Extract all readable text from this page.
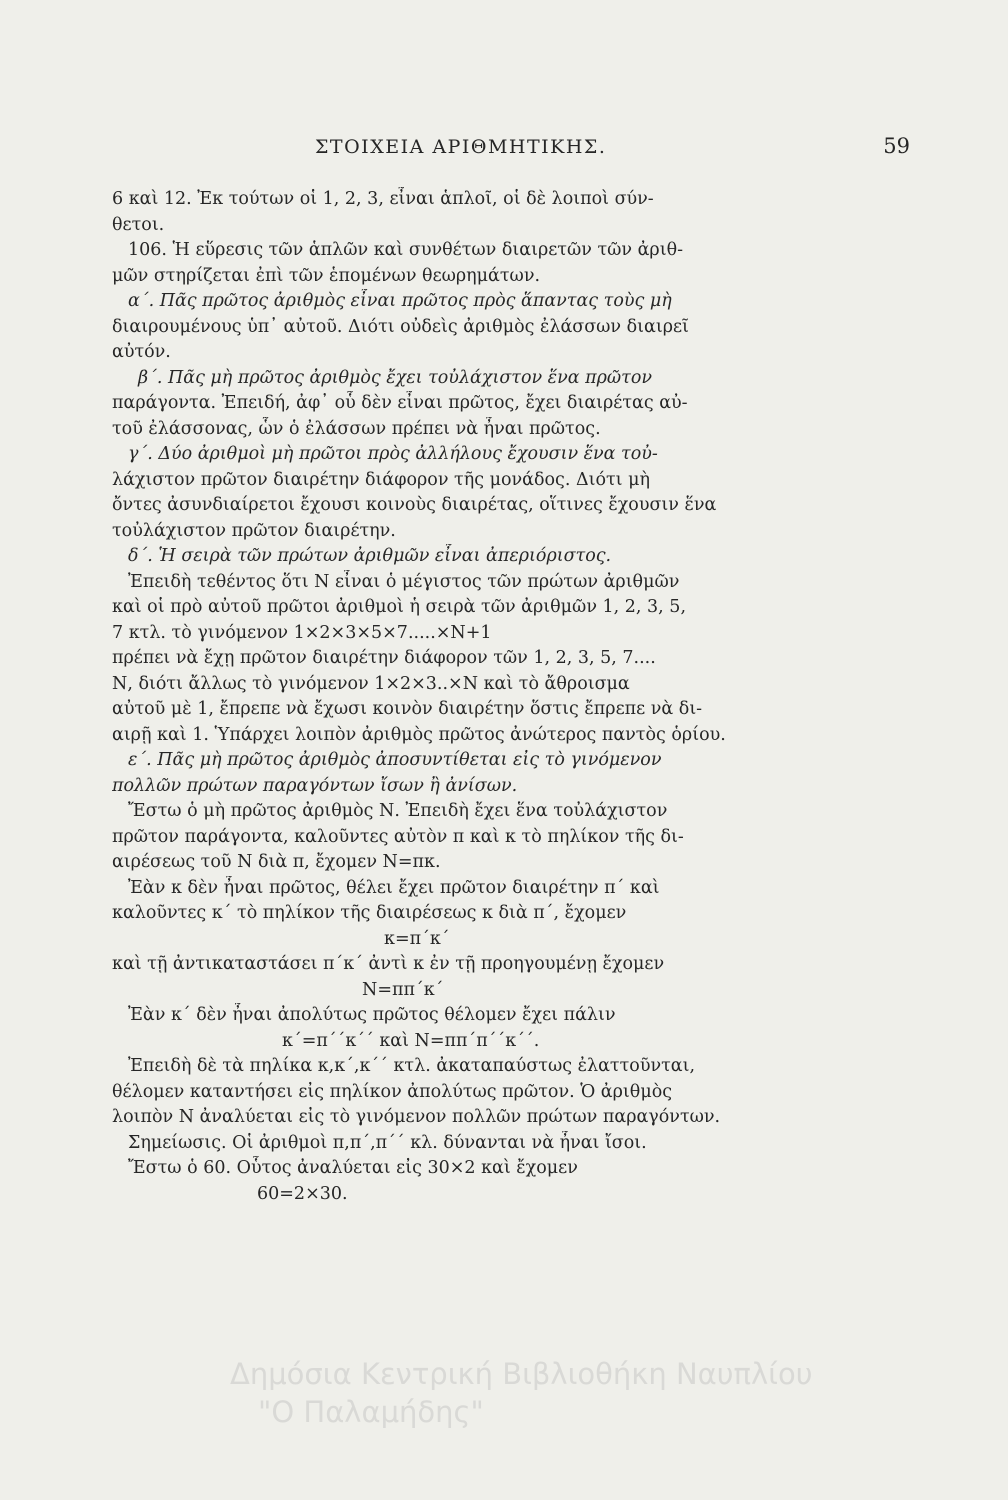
ΣΤΟΙΧΕΙΑ ΑΡΙΘΜΗΤΙΚΗΣ.	59
6 καὶ 12. Ἐκ τούτων οἱ 1, 2, 3, εἶναι ἁπλοῖ, οἱ δὲ λοιποὶ σύν-
θετοι.
106. Ἡ εὕρεσις τῶν ἁπλῶν καὶ συνθέτων διαιρετῶν τῶν ἀριθ-
μῶν στηρίζεται ἐπὶ τῶν ἑπομένων θεωρημάτων.
α΄. Πᾶς πρῶτος ἀριθμὸς εἶναι πρῶτος πρὸς ἅπαντας τοὺς μὴ
διαιρουμένους ὑπ᾽ αὐτοῦ. Διότι οὐδεὶς ἀριθμὸς ἐλάσσων διαιρεῖ
αὐτόν.
β΄. Πᾶς μὴ πρῶτος ἀριθμὸς ἔχει τοὐλάχιστον ἕνα πρῶτον
παράγοντα. Ἐπειδή, ἀφ᾽ οὗ δὲν εἶναι πρῶτος, ἔχει διαιρέτας αὐ-
τοῦ ἐλάσσονας, ὧν ὁ ἐλάσσων πρέπει νὰ ἦναι πρῶτος.
γ΄. Δύο ἀριθμοὶ μὴ πρῶτοι πρὸς ἀλλήλους ἔχουσιν ἕνα τοὐ-
λάχιστον πρῶτον διαιρέτην διάφορον τῆς μονάδος. Διότι μὴ
ὄντες ἀσυνδιαίρετοι ἔχουσι κοινοὺς διαιρέτας, οἵτινες ἔχουσιν ἕνα
τοὐλάχιστον πρῶτον διαιρέτην.
δ΄. Ἡ σειρὰ τῶν πρώτων ἀριθμῶν εἶναι ἀπεριόριστος.
Ἐπειδὴ τεθέντος ὅτι Ν εἶναι ὁ μέγιστος τῶν πρώτων ἀριθμῶν
καὶ οἱ πρὸ αὐτοῦ πρῶτοι ἀριθμοὶ ἡ σειρὰ τῶν ἀριθμῶν 1, 2, 3, 5,
7 κτλ. τὸ γινόμενον 1×2×3×5×7.....×Ν+1
πρέπει νὰ ἔχῃ πρῶτον διαιρέτην διάφορον τῶν 1, 2, 3, 5, 7....
Ν, διότι ἄλλως τὸ γινόμενον 1×2×3..×Ν καὶ τὸ ἄθροισμα
αὐτοῦ μὲ 1, ἔπρεπε νὰ ἔχωσι κοινὸν διαιρέτην ὅστις ἔπρεπε νὰ δι-
αιρῇ καὶ 1. Ὑπάρχει λοιπὸν ἀριθμὸς πρῶτος ἀνώτερος παντὸς ὁρίου.
ε΄. Πᾶς μὴ πρῶτος ἀριθμὸς ἀποσυντίθεται εἰς τὸ γινόμενον
πολλῶν πρώτων παραγόντων ἴσων ἢ ἀνίσων.
Ἔστω ὁ μὴ πρῶτος ἀριθμὸς Ν. Ἐπειδὴ ἔχει ἕνα τοὐλάχιστον
πρῶτον παράγοντα, καλοῦντες αὐτὸν π καὶ κ τὸ πηλίκον τῆς δι-
αιρέσεως τοῦ Ν διὰ π, ἔχομεν Ν=πκ.
Ἐὰν κ δὲν ἦναι πρῶτος, θέλει ἔχει πρῶτον διαιρέτην π΄ καὶ
καλοῦντες κ΄ τὸ πηλίκον τῆς διαιρέσεως κ διὰ π΄, ἔχομεν
κ=π΄κ΄
καὶ τῇ ἀντικαταστάσει π΄κ΄ ἀντὶ κ ἐν τῇ προηγουμένῃ ἔχομεν
Ν=ππ΄κ΄
Ἐὰν κ΄ δὲν ἦναι ἀπολύτως πρῶτος θέλομεν ἔχει πάλιν
κ΄=π΄΄κ΄΄ καὶ Ν=ππ΄π΄΄κ΄΄.
Ἐπειδὴ δὲ τὰ πηλίκα κ,κ΄,κ΄΄ κτλ. ἀκαταπαύστως ἐλαττοῦνται,
θέλομεν καταντήσει εἰς πηλίκον ἀπολύτως πρῶτον. Ὁ ἀριθμὸς
λοιπὸν Ν ἀναλύεται εἰς τὸ γινόμενον πολλῶν πρώτων παραγόντων.
Σημείωσις. Οἱ ἀριθμοὶ π,π΄,π΄΄ κλ. δύνανται νὰ ἦναι ἴσοι.
Ἔστω ὁ 60. Οὗτος ἀναλύεται εἰς 30×2 καὶ ἔχομεν
60=2×30.
Δημόσια Κεντρική Βιβλιοθήκη Ναυπλίου
"Ο Παλαμήδης"
